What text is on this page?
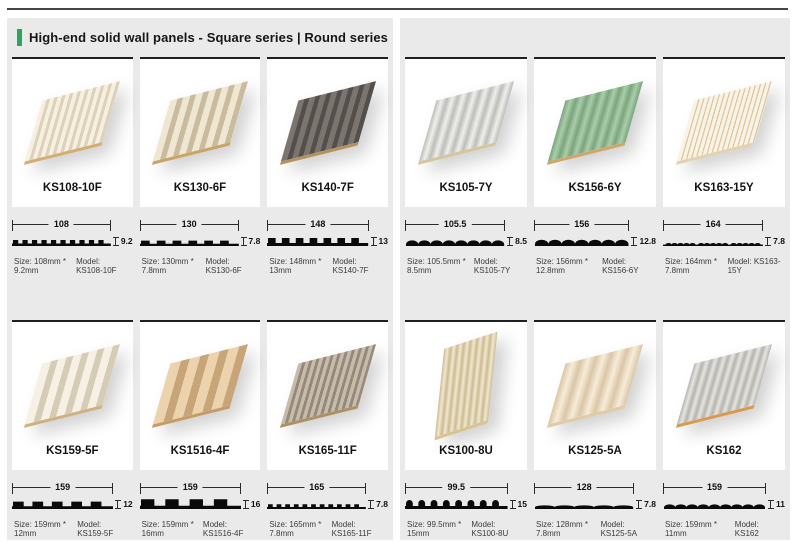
High-end solid wall panels - Square series | Round series
KS108-10F
108
9.2
Size: 108mm * 9.2mm
Model: KS108-10F
KS130-6F
130
7.8
Size: 130mm * 7.8mm
Model: KS130-6F
KS140-7F
148
13
Size: 148mm * 13mm
Model: KS140-7F
KS159-5F
159
12
Size: 159mm * 12mm
Model: KS159-5F
KS1516-4F
159
16
Size: 159mm * 16mm
Model: KS1516-4F
KS165-11F
165
7.8
Size: 165mm * 7.8mm
Model: KS165-11F
KS105-7Y
105.5
8.5
Size: 105.5mm * 8.5mm
Model: KS105-7Y
KS156-6Y
156
12.8
Size: 156mm * 12.8mm
Model: KS156-6Y
KS163-15Y
164
7.8
Size: 164mm * 7.8mm
Model: KS163-15Y
KS100-8U
99.5
15
Size: 99.5mm * 15mm
Model: KS100-8U
KS125-5A
128
7.8
Size: 128mm * 7.8mm
Model: KS125-5A
KS162
159
11
Size: 159mm * 11mm
Model: KS162
